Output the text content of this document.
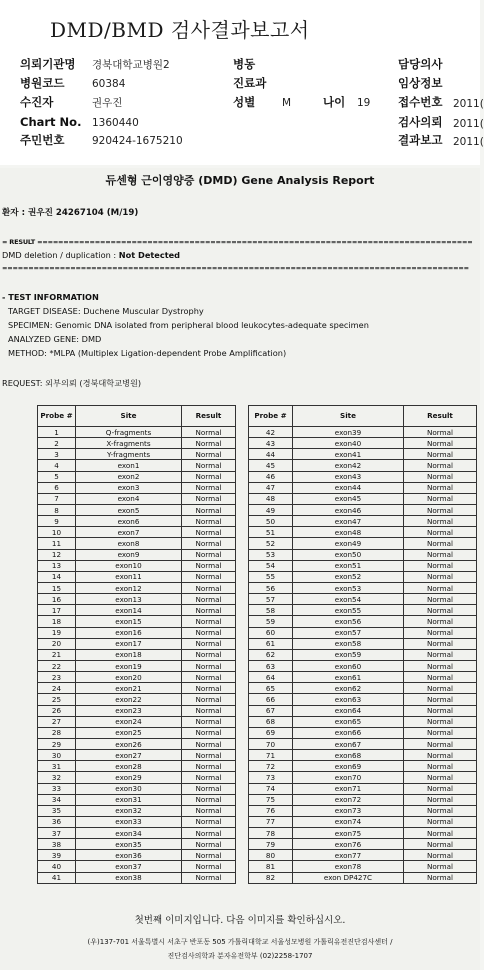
DMD/BMD 검사결과보고서
의뢰기관명 경북대학교병원2
병원코드	60384
수진자	권우진
Chart No. 1360440
주민번호	920424-1675210
병동
진료과
성별	M	나이 19
담당의사
임상정보
접수번호 2011(
검사의뢰 2011(
결과보고 2011(
듀센형 근이영양증 (DMD) Gene Analysis Report
환자 : 권우진 24267104 (M/19)
= RESULT ===================================================================================
DMD deletion / duplication : Not Detected
=========================================================================================
- TEST INFORMATION
TARGET DISEASE: Duchene Muscular Dystrophy
SPECIMEN: Genomic DNA isolated from peripheral blood leukocytes-adequate specimen
ANALYZED GENE: DMD
METHOD: *MLPA (Multiplex Ligation-dependent Probe Amplification)
REQUEST: 외부의뢰 (경북대학교병원)
Probe #	Site	Result
1	Q-fragments	Normal
2	X-fragments	Normal
3	Y-fragments	Normal
4	exon1	Normal
5	exon2	Normal
6	exon3	Normal
7	exon4	Normal
8	exon5	Normal
9	exon6	Normal
10	exon7	Normal
11	exon8	Normal
12	exon9	Normal
13	exon10	Normal
14	exon11	Normal
15	exon12	Normal
16	exon13	Normal
17	exon14	Normal
18	exon15	Normal
19	exon16	Normal
20	exon17	Normal
21	exon18	Normal
22	exon19	Normal
23	exon20	Normal
24	exon21	Normal
25	exon22	Normal
26	exon23	Normal
27	exon24	Normal
28	exon25	Normal
29	exon26	Normal
30	exon27	Normal
31	exon28	Normal
32	exon29	Normal
33	exon30	Normal
34	exon31	Normal
35	exon32	Normal
36	exon33	Normal
37	exon34	Normal
38	exon35	Normal
39	exon36	Normal
40	exon37	Normal
41	exon38	Normal
Probe #	Site	Result
42	exon39	Normal
43	exon40	Normal
44	exon41	Normal
45	exon42	Normal
46	exon43	Normal
47	exon44	Normal
48	exon45	Normal
49	exon46	Normal
50	exon47	Normal
51	exon48	Normal
52	exon49	Normal
53	exon50	Normal
54	exon51	Normal
55	exon52	Normal
56	exon53	Normal
57	exon54	Normal
58	exon55	Normal
59	exon56	Normal
60	exon57	Normal
61	exon58	Normal
62	exon59	Normal
63	exon60	Normal
64	exon61	Normal
65	exon62	Normal
66	exon63	Normal
67	exon64	Normal
68	exon65	Normal
69	exon66	Normal
70	exon67	Normal
71	exon68	Normal
72	exon69	Normal
73	exon70	Normal
74	exon71	Normal
75	exon72	Normal
76	exon73	Normal
77	exon74	Normal
78	exon75	Normal
79	exon76	Normal
80	exon77	Normal
81	exon78	Normal
82	exon DP427C	Normal
첫번째 이미지입니다. 다음 이미지를 확인하십시오.
(우)137-701 서울특별시 서초구 반포동 505 가톨릭대학교 서울성모병원 가톨릭유전진단검사센터 /
진단검사의학과 분자유전학부 (02)2258-1707
